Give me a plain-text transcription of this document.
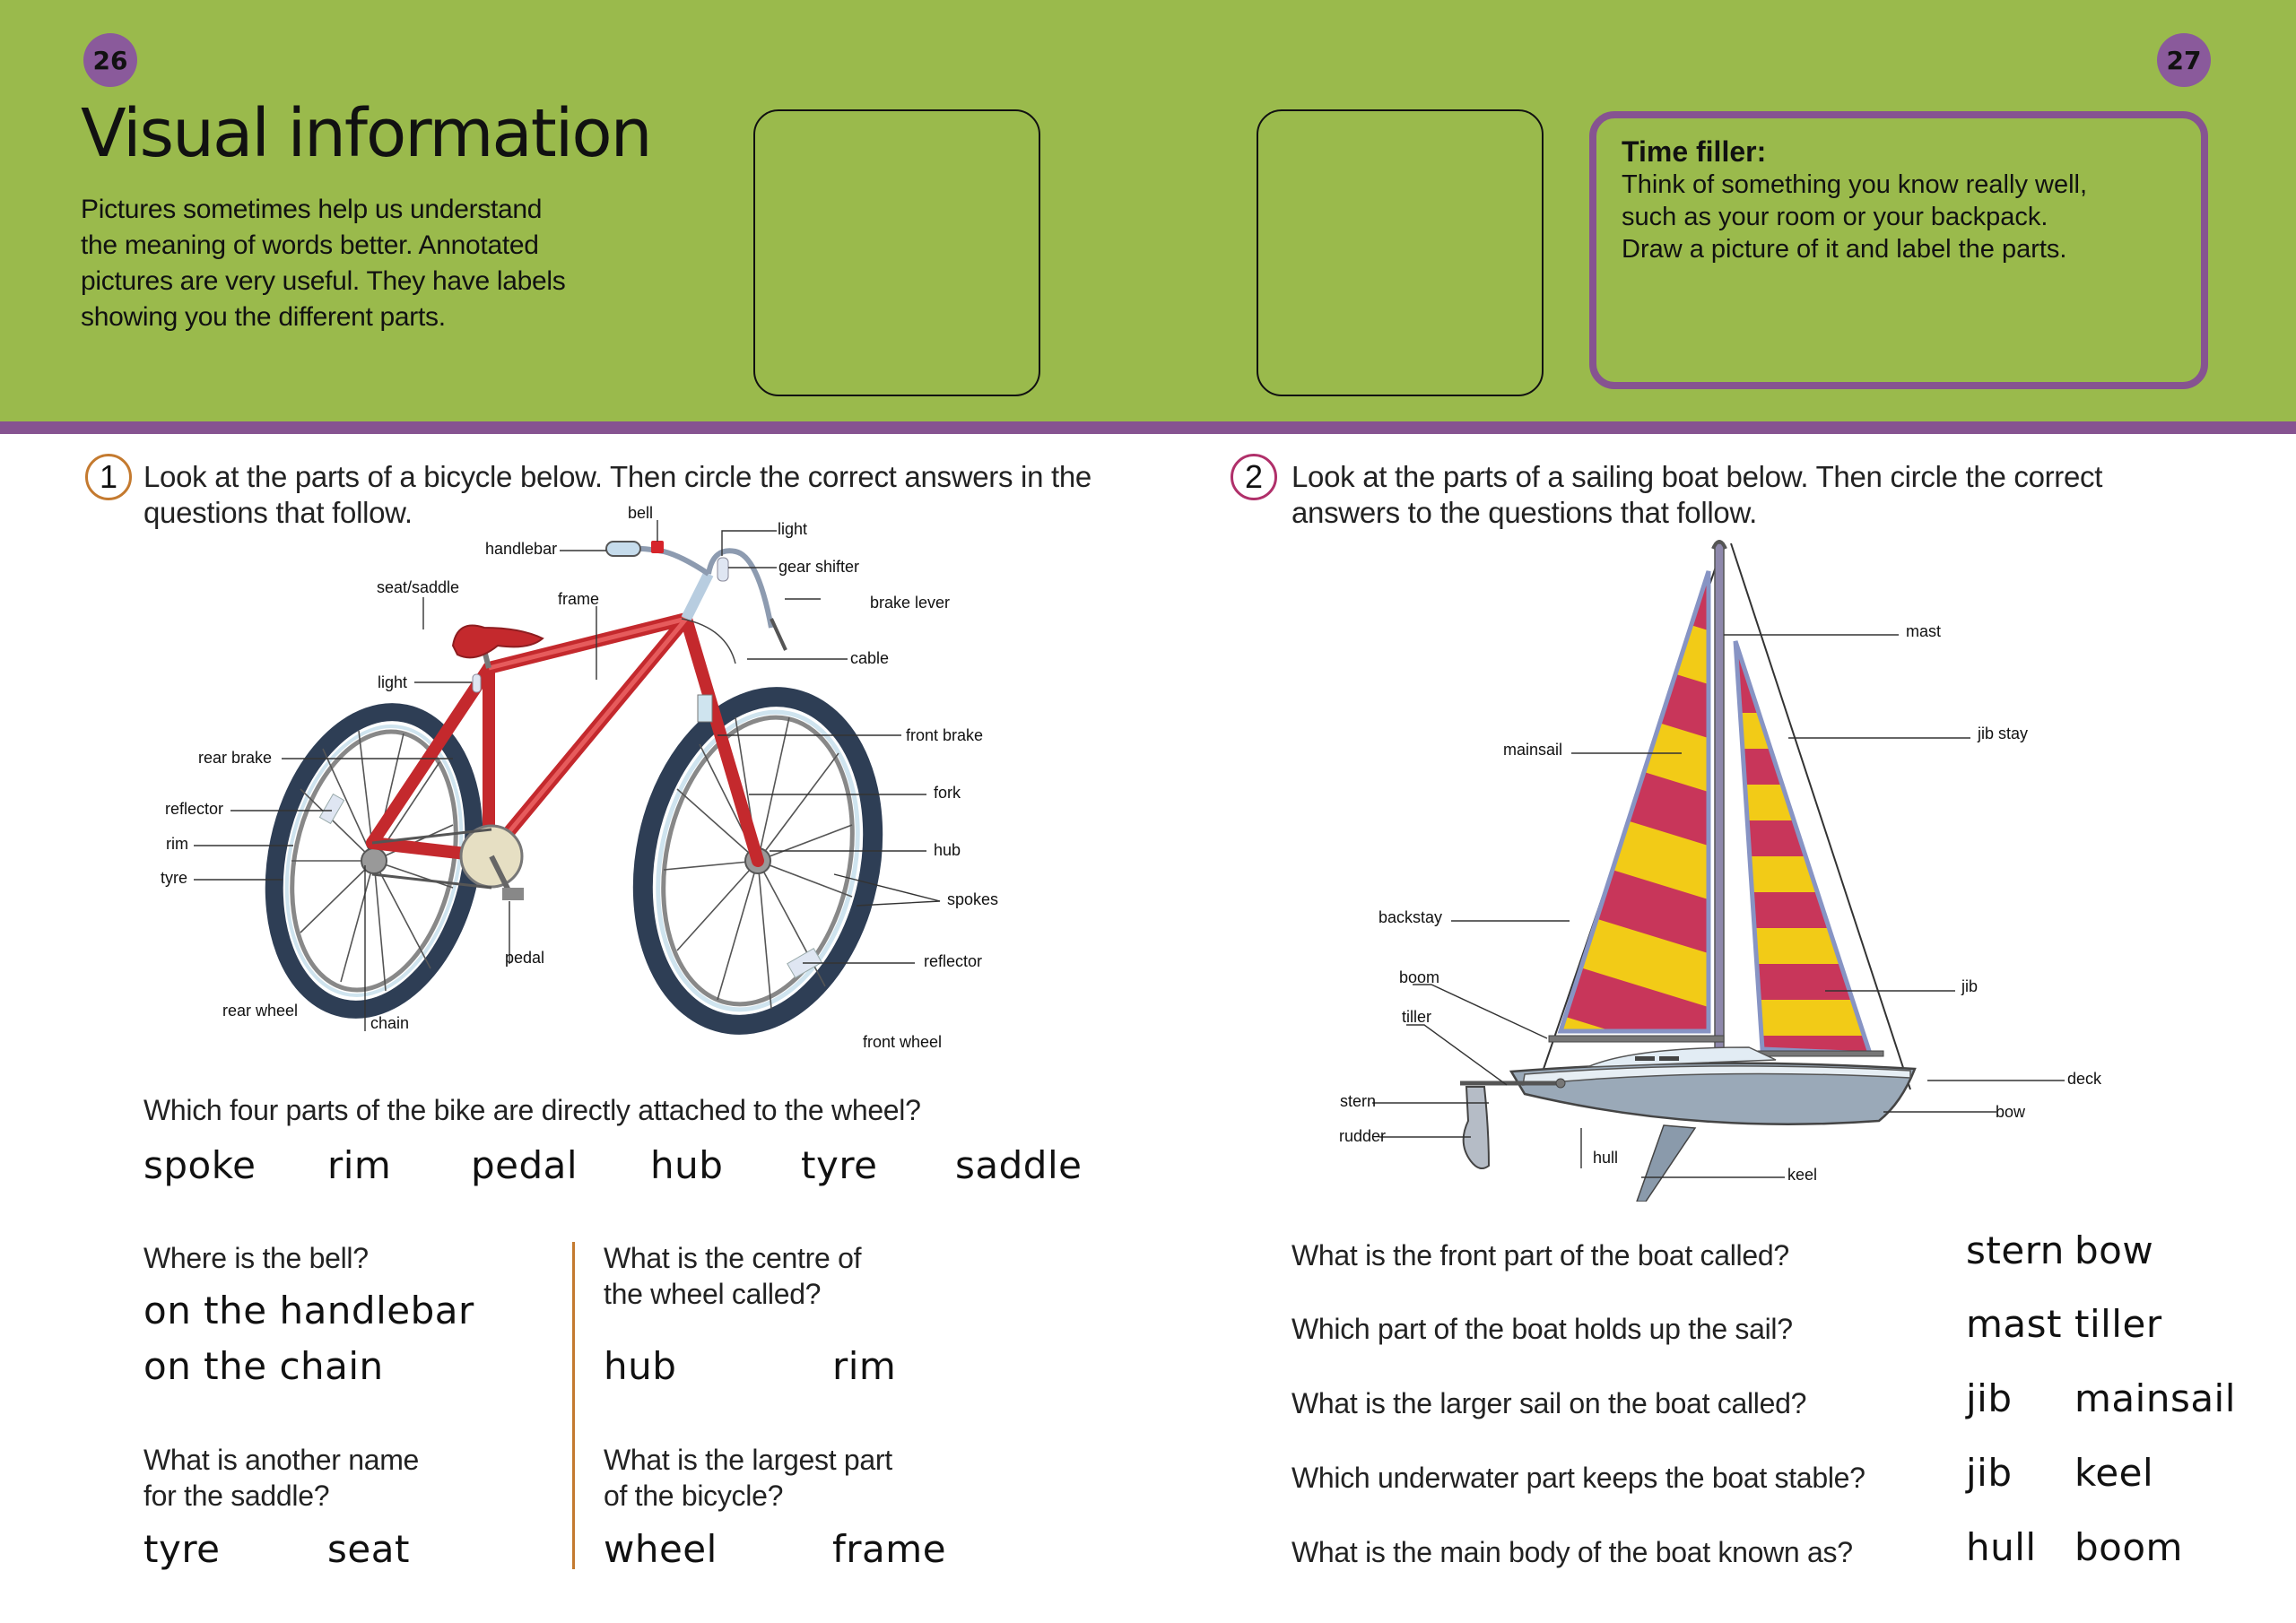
26	27
Visual information
Pictures sometimes help us understand
the meaning of words better. Annotated
pictures are very useful. They have labels
showing you the different parts.
Time filler:
Think of something you know really well,
such as your room or your backpack.
Draw a picture of it and label the parts.
1 Look at the parts of a bicycle below. Then circle the correct answers in the
questions that follow.	bell
light
handlebar
gear shifter
seat/saddle
frame	brake lever
cable
light
rear brake
front brake
reflector
fork
rim	hub
tyre
spokes
pedal	reflector
rear wheel
chain
front wheel
Which four parts of the bike are directly attached to the wheel?
spoke rim pedal hub tyre saddle
Where is the bell?
on the handlebar
on the chain
What is the centre of
the wheel called?
hub	rim
What is another name
for the saddle?
tyre	seat
What is the largest part
of the bicycle?
wheel	frame
2 Look at the parts of a sailing boat below. Then circle the correct
answers to the questions that follow.
mast
jib stay
mainsail
backstay
jib
boom
tiller
deck
stern
bow
rudder
hull
keel
What is the front part of the boat called?	stern bow
Which part of the boat holds up the sail?	mast tiller
What is the larger sail on the boat called?	jib mainsail
Which underwater part keeps the boat stable?	jib keel
What is the main body of the boat known as?	hull boom
